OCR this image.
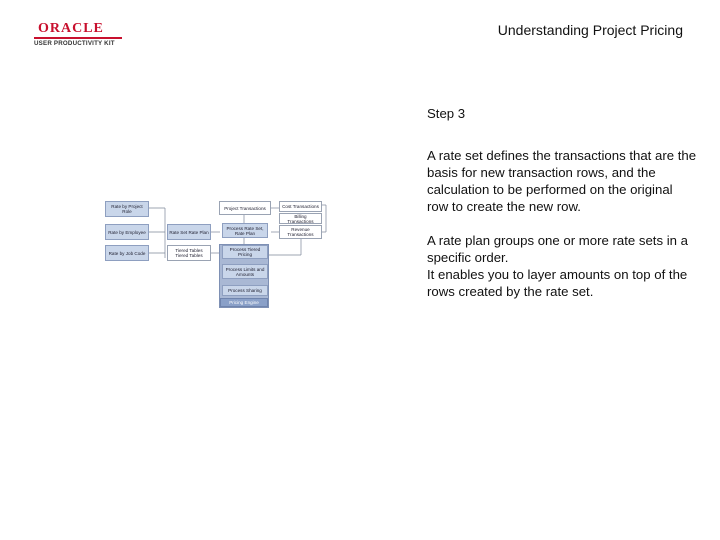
ORACLE
USER PRODUCTIVITY KIT
Understanding Project Pricing
Rate by Project Role
Rate by Employee
Rate by Job Code
Rate Set Rate Plan
Tiered Tables Tiered Tables
Project Transactions
Process Rate Set, Rate Plan
Process Tiered Pricing
Process Limits and Amounts
Process Sharing
Pricing Engine
Cost Transactions
Billing Transactions
Revenue Transactions
Step 3
A rate set defines the transactions that are the basis for new transaction rows, and the calculation to be performed on the original row to create the new row.
A rate plan groups one or more rate sets in a specific order.
It enables you to layer amounts on top of the rows created by the rate set.
